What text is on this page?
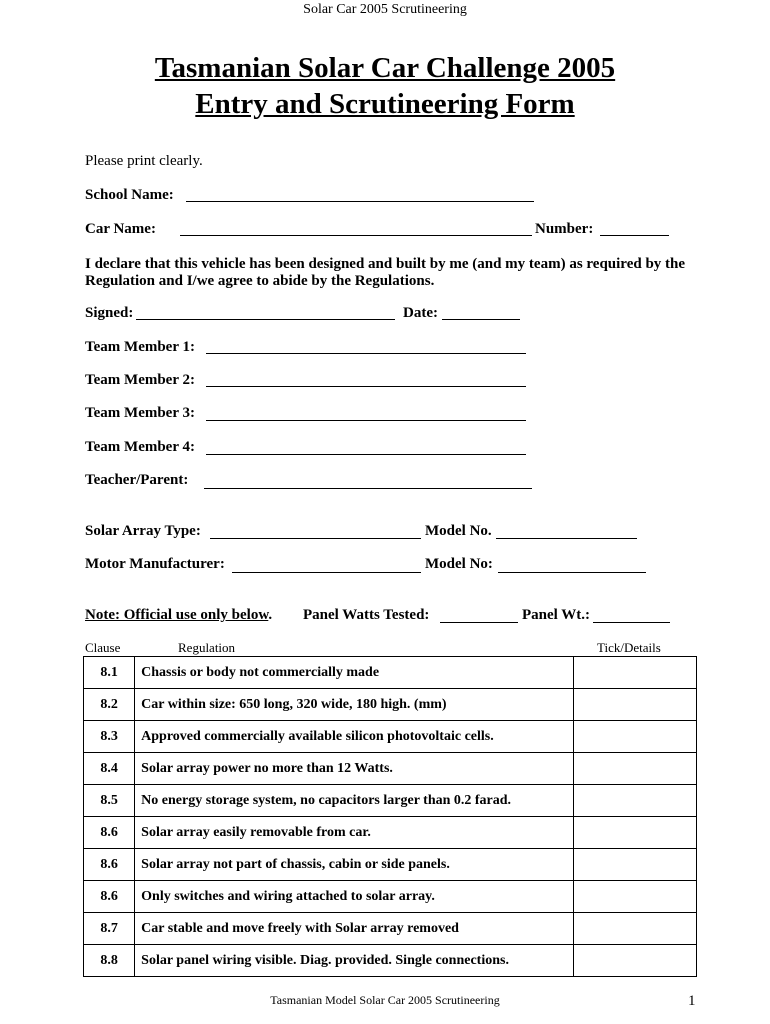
Solar Car 2005 Scrutineering
Tasmanian Solar Car Challenge 2005
Entry and Scrutineering Form
Please print clearly.
School Name:
Car Name:	Number:
I declare that this vehicle has been designed and built by me (and my team) as required by the Regulation and I/we agree to abide by the Regulations.
Signed:	Date:
Team Member 1:
Team Member 2:
Team Member 3:
Team Member 4:
Teacher/Parent:
Solar Array Type:	Model No.
Motor Manufacturer:	Model No:
Note: Official use only below. Panel Watts Tested:	Panel Wt.:
Clause	Regulation	Tick/Details
8.1	Chassis or body not commercially made	
8.2	Car within size: 650 long, 320 wide, 180 high. (mm)	
8.3	Approved commercially available silicon photovoltaic cells.	
8.4	Solar array power no more than 12 Watts.	
8.5	No energy storage system, no capacitors larger than 0.2 farad.	
8.6	Solar array easily removable from car.	
8.6	Solar array not part of chassis, cabin or side panels.	
8.6	Only switches and wiring attached to solar array.	
8.7	Car stable and move freely with Solar array removed	
8.8	Solar panel wiring visible. Diag. provided. Single connections.	
Tasmanian Model Solar Car 2005 Scrutineering	1
